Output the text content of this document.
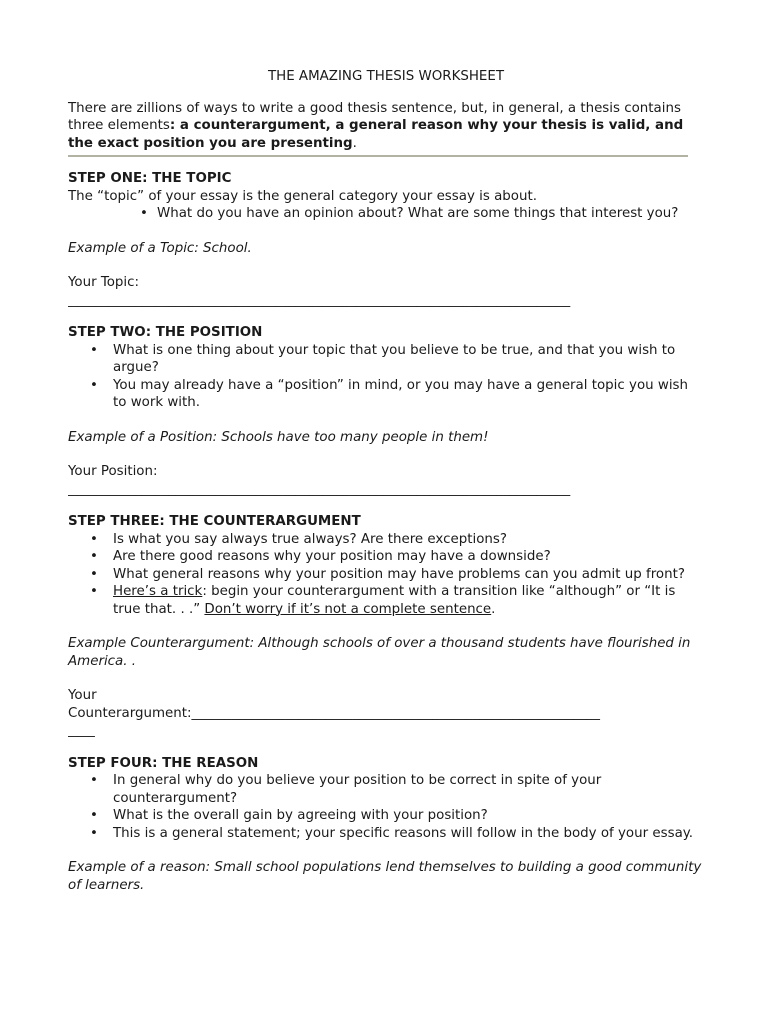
THE AMAZING THESIS WORKSHEET

There are zillions of ways to write a good thesis sentence, but, in general, a thesis contains three elements: a counterargument, a general reason why your thesis is valid, and the exact position you are presenting.

STEP ONE: THE TOPIC

The “topic” of your essay is the general category your essay is about.

• What do you have an opinion about? What are some things that interest you?

Example of a Topic: School.

Your Topic:

___________________________________________________________________________

STEP TWO: THE POSITION

• What is one thing about your topic that you believe to be true, and that you wish to argue?
• You may already have a “position” in mind, or you may have a general topic you wish to work with.

Example of a Position: Schools have too many people in them!

Your Position:

___________________________________________________________________________

STEP THREE: THE COUNTERARGUMENT

• Is what you say always true always? Are there exceptions?
• Are there good reasons why your position may have a downside?
• What general reasons why your position may have problems can you admit up front?
• Here’s a trick: begin your counterargument with a transition like “although” or “It is true that. . .” Don’t worry if it’s not a complete sentence.

Example Counterargument: Although schools of over a thousand students have flourished in America. .

Your

Counterargument:_____________________________________________________________

____

STEP FOUR: THE REASON

• In general why do you believe your position to be correct in spite of your counterargument?
• What is the overall gain by agreeing with your position?
• This is a general statement; your specific reasons will follow in the body of your essay.

Example of a reason: Small school populations lend themselves to building a good community of learners.
